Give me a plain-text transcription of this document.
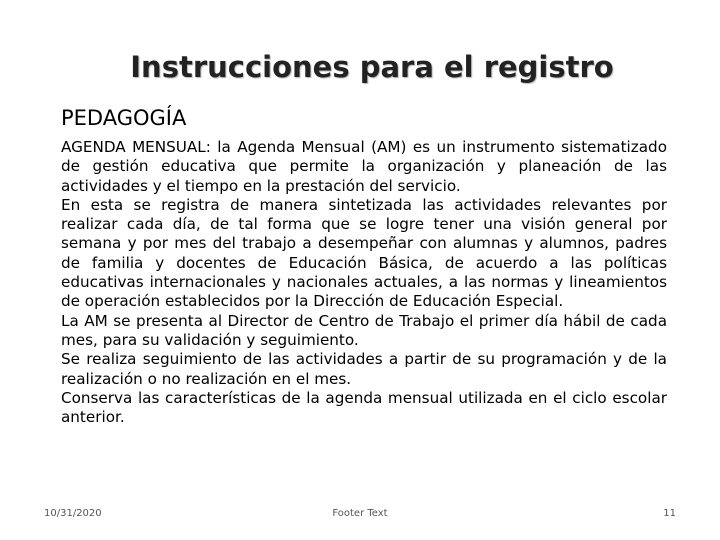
Instrucciones para el registro
PEDAGOGÍA

AGENDA MENSUAL: la Agenda Mensual (AM) es un instrumento sistematizado de gestión educativa que permite la organización y planeación de las actividades y el tiempo en la prestación del servicio.

En esta se registra de manera sintetizada las actividades relevantes por realizar cada día, de tal forma que se logre tener una visión general por semana y por mes del trabajo a desempeñar con alumnas y alumnos, padres de familia y docentes de Educación Básica, de acuerdo a las políticas educativas internacionales y nacionales actuales, a las normas y lineamientos de operación establecidos por la Dirección de Educación Especial.

La AM se presenta al Director de Centro de Trabajo el primer día hábil de cada mes, para su validación y seguimiento.

Se realiza seguimiento de las actividades a partir de su programación y de la realización o no realización en el mes.

Conserva las características de la agenda mensual utilizada en el ciclo escolar anterior.

10/31/2020	Footer Text	11
